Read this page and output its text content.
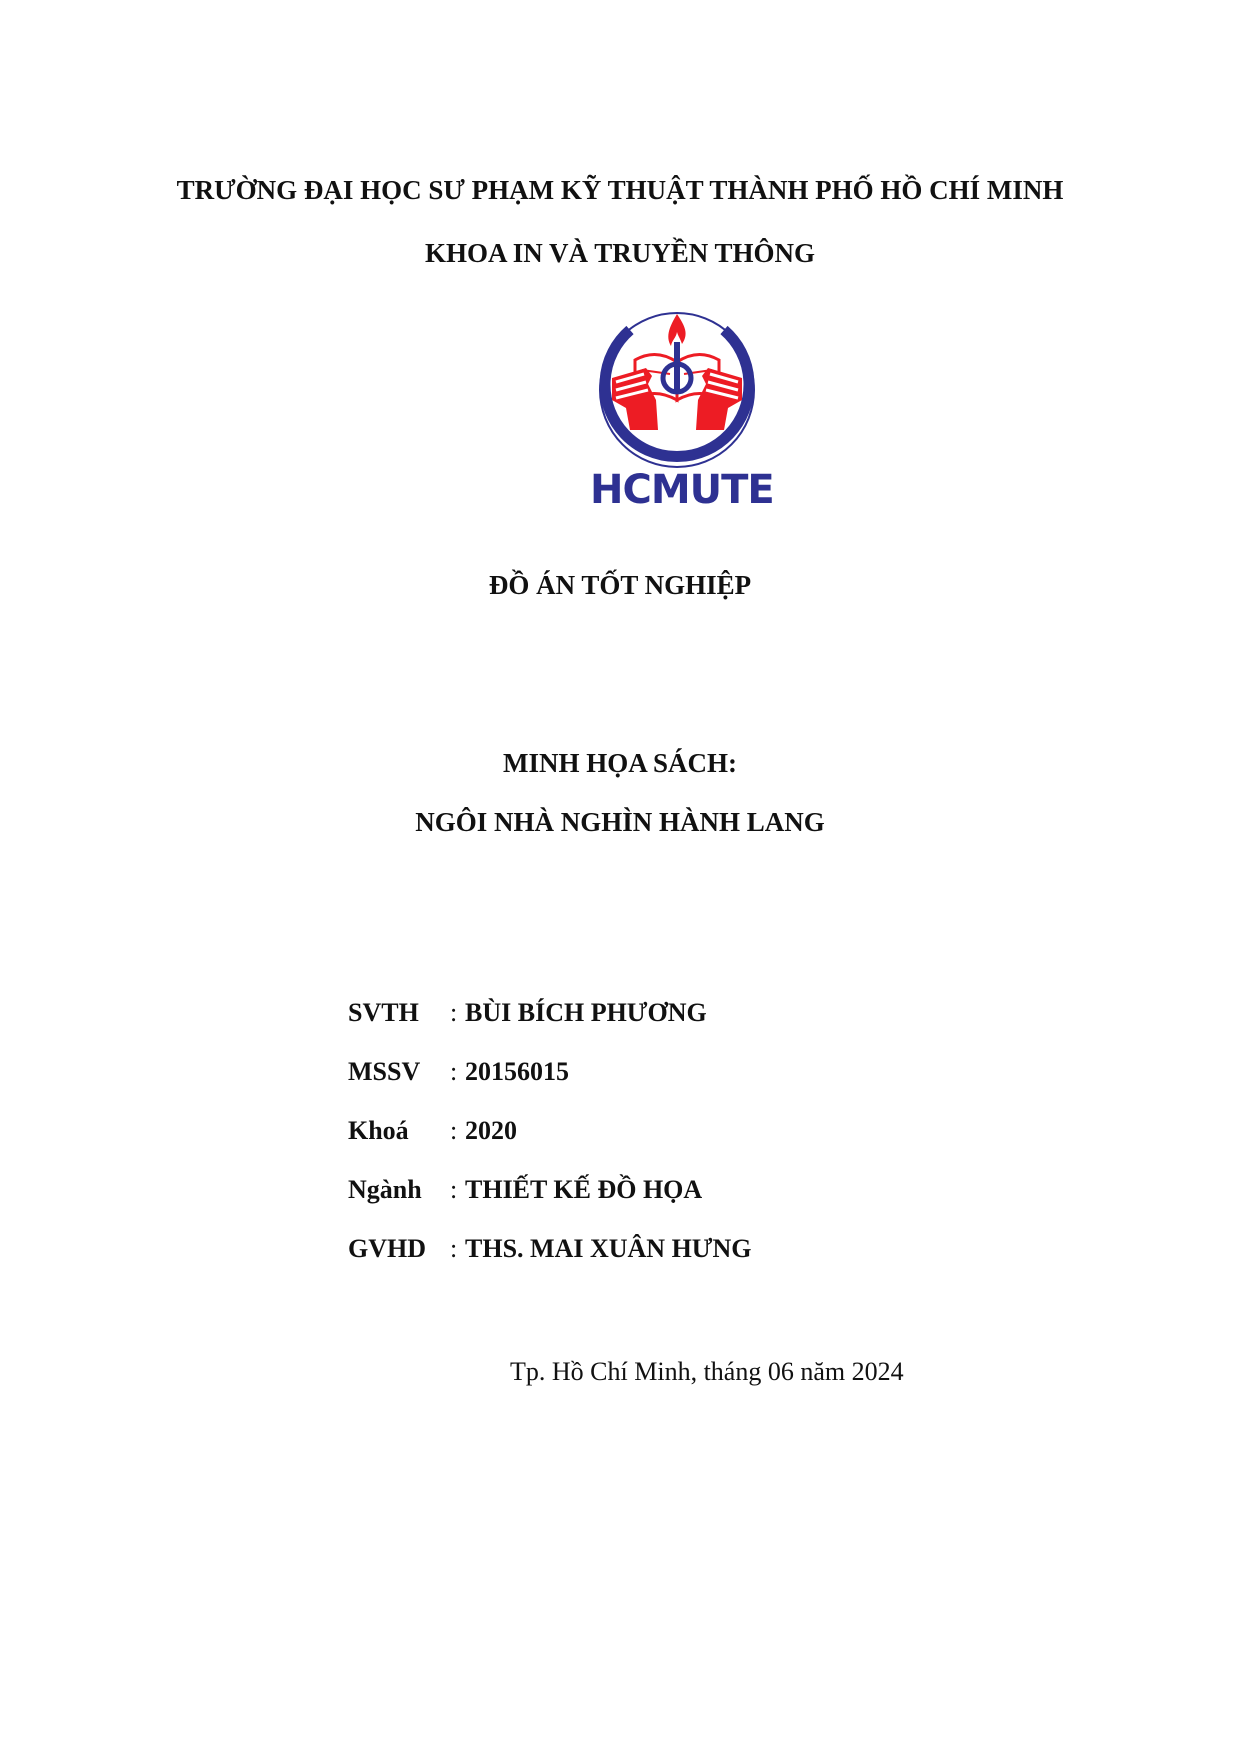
TRƯỜNG ĐẠI HỌC SƯ PHẠM KỸ THUẬT THÀNH PHỐ HỒ CHÍ MINH
KHOA IN VÀ TRUYỀN THÔNG
HCMUTE
ĐỒ ÁN TỐT NGHIỆP
MINH HỌA SÁCH:
NGÔI NHÀ NGHÌN HÀNH LANG
SVTH : BÙI BÍCH PHƯƠNG
MSSV : 20156015
Khoá : 2020
Ngành : THIẾT KẾ ĐỒ HỌA
GVHD : THS. MAI XUÂN HƯNG
Tp. Hồ Chí Minh, tháng 06 năm 2024
